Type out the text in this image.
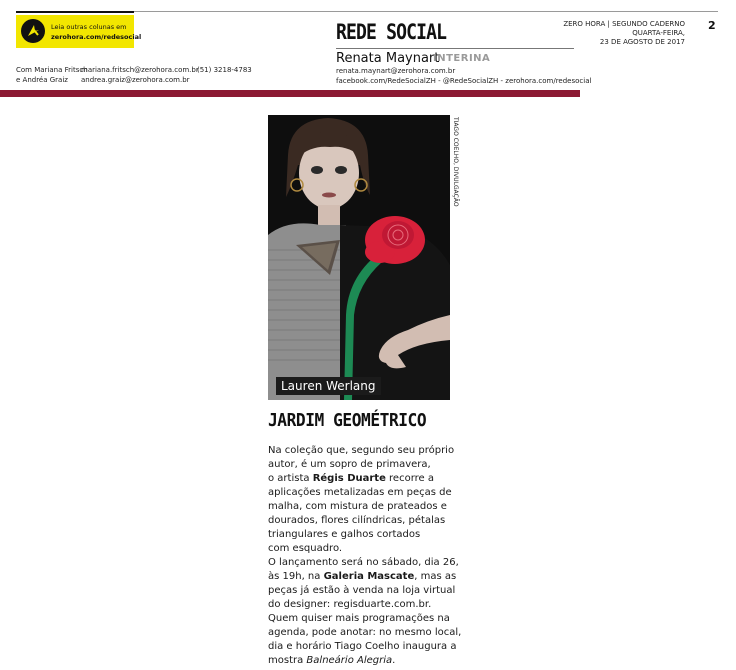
Leia outras colunas em
zerohora.com/redesocial	REDE SOCIAL
Renata Maynart
INTERINA
renata.maynart@zerohora.com.br
facebook.com/RedeSocialZH - @RedeSocialZH - zerohora.com/redesocial
ZERO HORA | SEGUNDO CADERNO
QUARTA-FEIRA,
23 DE AGOSTO DE 2017
2
Com Mariana Fritsch
e Andréa Graiz
mariana.fritsch@zerohora.com.br
andrea.graiz@zerohora.com.br
(51) 3218-4783
Lauren Werlang
TIAGO COELHO, DIVULGAÇÃO
JARDIM GEOMÉTRICO
Na coleção que, segundo seu próprio
autor, é um sopro de primavera,
o artista Régis Duarte recorre a
aplicações metalizadas em peças de
malha, com mistura de prateados e
dourados, flores cilíndricas, pétalas
triangulares e galhos cortados
com esquadro.
O lançamento será no sábado, dia 26,
às 19h, na Galeria Mascate, mas as
peças já estão à venda na loja virtual
do designer: regisduarte.com.br.
Quem quiser mais programações na
agenda, pode anotar: no mesmo local,
dia e horário Tiago Coelho inaugura a
mostra Balneário Alegria.
